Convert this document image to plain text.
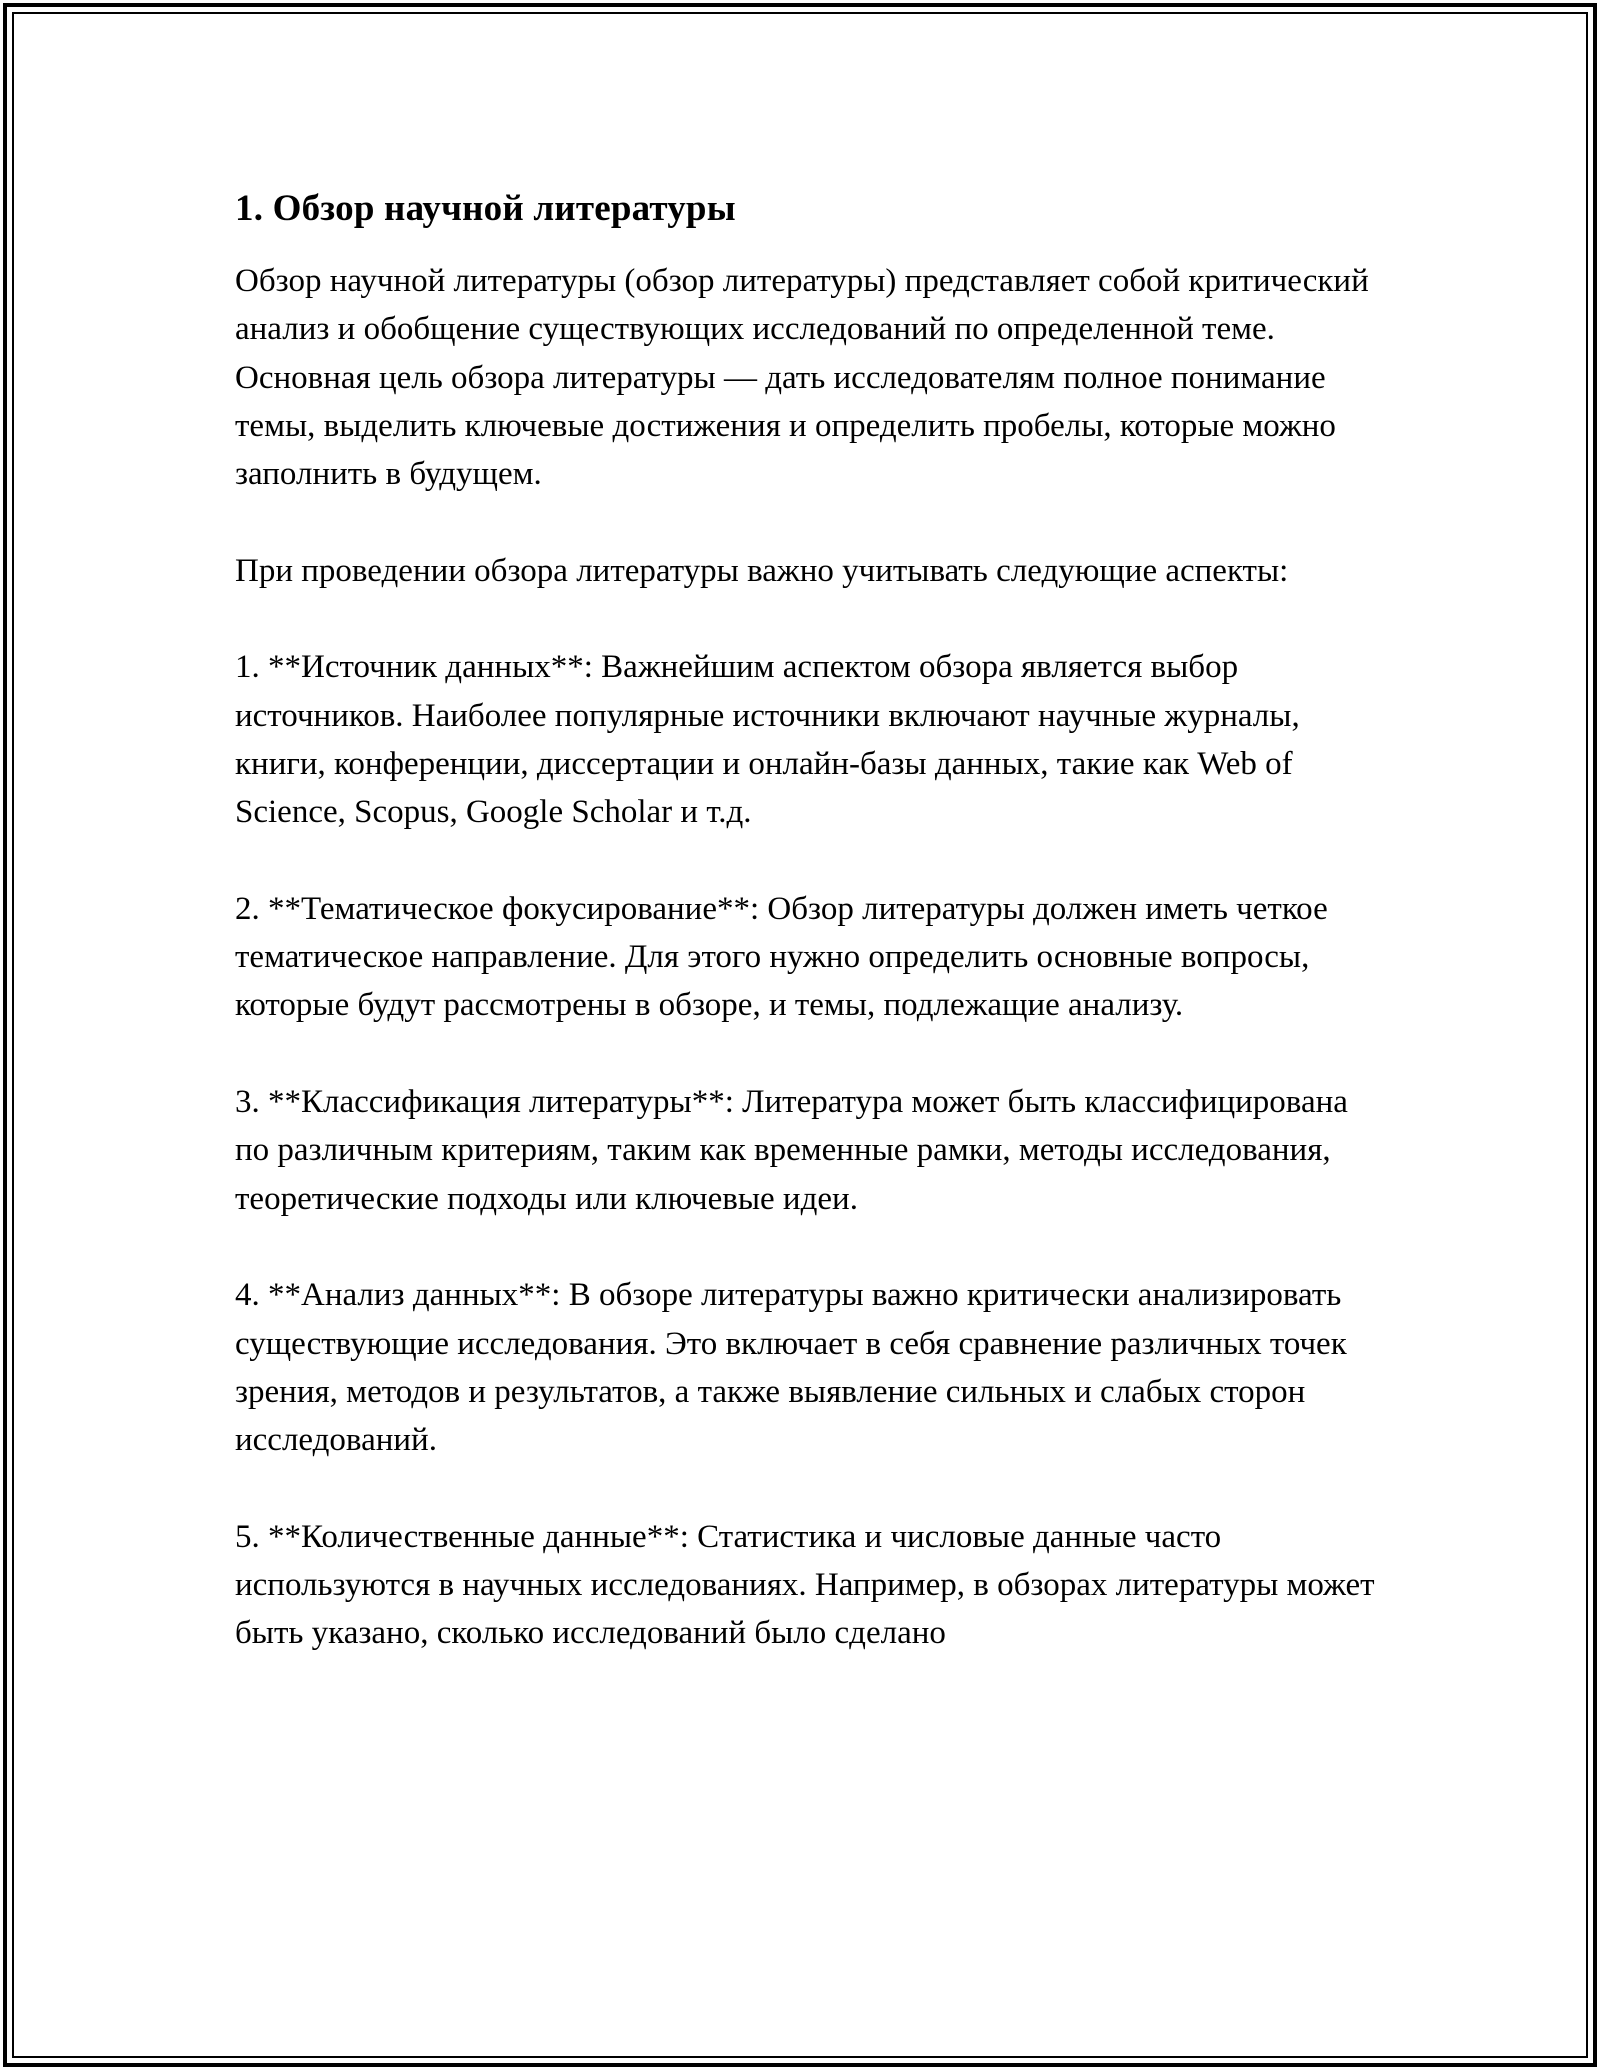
1. Обзор научной литературы

Обзор научной литературы (обзор литературы) представляет собой критический анализ и обобщение существующих исследований по определенной теме. Основная цель обзора литературы — дать исследователям полное понимание темы, выделить ключевые достижения и определить пробелы, которые можно заполнить в будущем.

При проведении обзора литературы важно учитывать следующие аспекты:

1. **Источник данных**: Важнейшим аспектом обзора является выбор источников. Наиболее популярные источники включают научные журналы, книги, конференции, диссертации и онлайн-базы данных, такие как Web of Science, Scopus, Google Scholar и т.д.

2. **Тематическое фокусирование**: Обзор литературы должен иметь четкое тематическое направление. Для этого нужно определить основные вопросы, которые будут рассмотрены в обзоре, и темы, подлежащие анализу.

3. **Классификация литературы**: Литература может быть классифицирована по различным критериям, таким как временные рамки, методы исследования, теоретические подходы или ключевые идеи.

4. **Анализ данных**: В обзоре литературы важно критически анализировать существующие исследования. Это включает в себя сравнение различных точек зрения, методов и результатов, а также выявление сильных и слабых сторон исследований.

5. **Количественные данные**: Статистика и числовые данные часто используются в научных исследованиях. Например, в обзорах литературы может быть указано, сколько исследований было сделано
